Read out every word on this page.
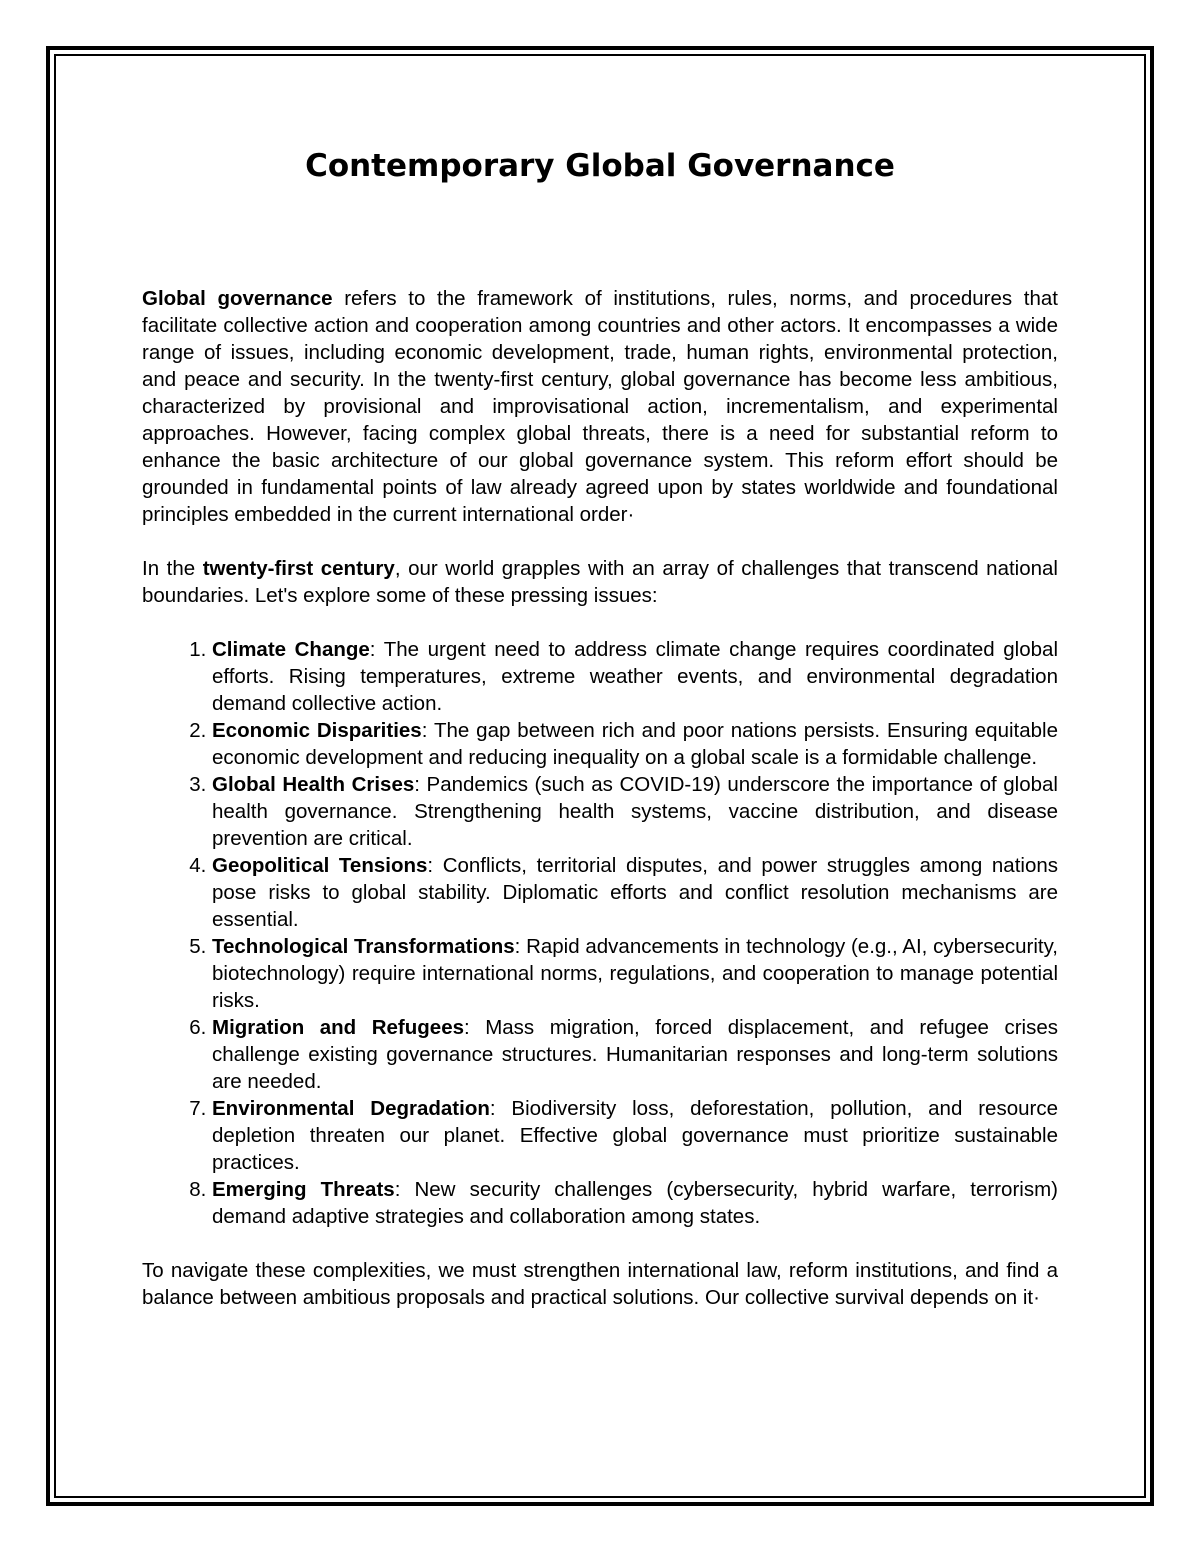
Contemporary Global Governance

Global governance refers to the framework of institutions, rules, norms, and procedures that facilitate collective action and cooperation among countries and other actors. It encompasses a wide range of issues, including economic development, trade, human rights, environmental protection, and peace and security. In the twenty-first century, global governance has become less ambitious, characterized by provisional and improvisational action, incrementalism, and experimental approaches. However, facing complex global threats, there is a need for substantial reform to enhance the basic architecture of our global governance system. This reform effort should be grounded in fundamental points of law already agreed upon by states worldwide and foundational principles embedded in the current international order·

In the twenty-first century, our world grapples with an array of challenges that transcend national boundaries. Let's explore some of these pressing issues:

1. Climate Change: The urgent need to address climate change requires coordinated global efforts. Rising temperatures, extreme weather events, and environmental degradation demand collective action.
2. Economic Disparities: The gap between rich and poor nations persists. Ensuring equitable economic development and reducing inequality on a global scale is a formidable challenge.
3. Global Health Crises: Pandemics (such as COVID-19) underscore the importance of global health governance. Strengthening health systems, vaccine distribution, and disease prevention are critical.
4. Geopolitical Tensions: Conflicts, territorial disputes, and power struggles among nations pose risks to global stability. Diplomatic efforts and conflict resolution mechanisms are essential.
5. Technological Transformations: Rapid advancements in technology (e.g., AI, cybersecurity, biotechnology) require international norms, regulations, and cooperation to manage potential risks.
6. Migration and Refugees: Mass migration, forced displacement, and refugee crises challenge existing governance structures. Humanitarian responses and long-term solutions are needed.
7. Environmental Degradation: Biodiversity loss, deforestation, pollution, and resource depletion threaten our planet. Effective global governance must prioritize sustainable practices.
8. Emerging Threats: New security challenges (cybersecurity, hybrid warfare, terrorism) demand adaptive strategies and collaboration among states.

To navigate these complexities, we must strengthen international law, reform institutions, and find a balance between ambitious proposals and practical solutions. Our collective survival depends on it·
